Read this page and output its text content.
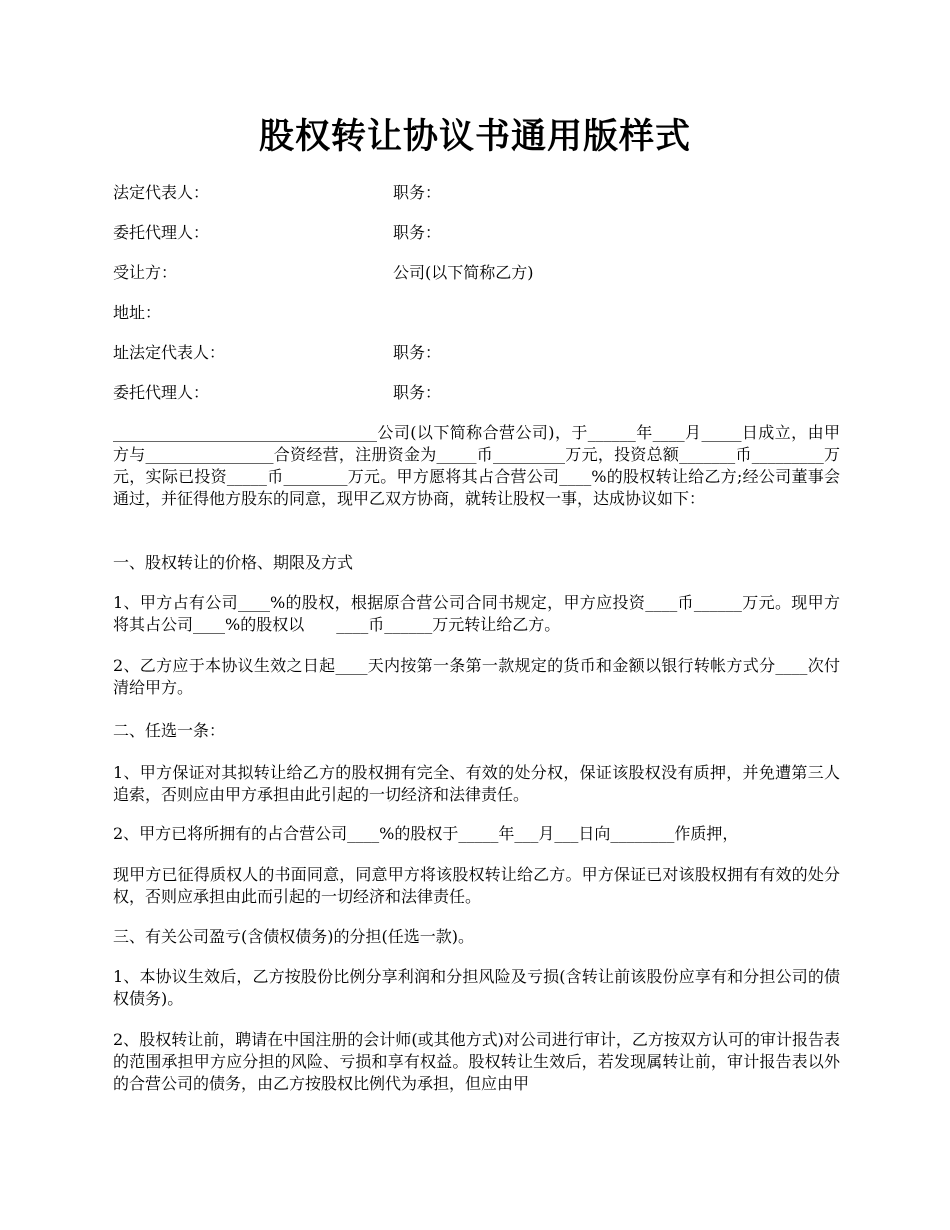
股权转让协议书通用版样式
法定代表人：	职务：
委托代理人：	职务：
受让方：	公司(以下简称乙方)
地址：
址法定代表人：	职务：
委托代理人：	职务：
_________________________________公司(以下简称合营公司)，于______年____月_____日成立，由甲方与________________合资经营，注册资金为_____币_________万元，投资总额_______币_________万元，实际已投资_____币________万元。甲方愿将其占合营公司____%的股权转让给乙方;经公司董事会通过，并征得他方股东的同意，现甲乙双方协商，就转让股权一事，达成协议如下：
一、股权转让的价格、期限及方式
1、甲方占有公司____%的股权，根据原合营公司合同书规定，甲方应投资____币______万元。现甲方将其占公司____%的股权以　　____币______万元转让给乙方。
2、乙方应于本协议生效之日起____天内按第一条第一款规定的货币和金额以银行转帐方式分____次付清给甲方。
二、任选一条：
1、甲方保证对其拟转让给乙方的股权拥有完全、有效的处分权，保证该股权没有质押，并免遭第三人追索，否则应由甲方承担由此引起的一切经济和法律责任。
2、甲方已将所拥有的占合营公司____%的股权于_____年___月___日向________作质押，
现甲方已征得质权人的书面同意，同意甲方将该股权转让给乙方。甲方保证已对该股权拥有有效的处分权，否则应承担由此而引起的一切经济和法律责任。
三、有关公司盈亏(含债权债务)的分担(任选一款)。
1、本协议生效后，乙方按股份比例分享利润和分担风险及亏损(含转让前该股份应享有和分担公司的债权债务)。
2、股权转让前，聘请在中国注册的会计师(或其他方式)对公司进行审计，乙方按双方认可的审计报告表的范围承担甲方应分担的风险、亏损和享有权益。股权转让生效后，若发现属转让前，审计报告表以外的合营公司的债务，由乙方按股权比例代为承担，但应由甲
